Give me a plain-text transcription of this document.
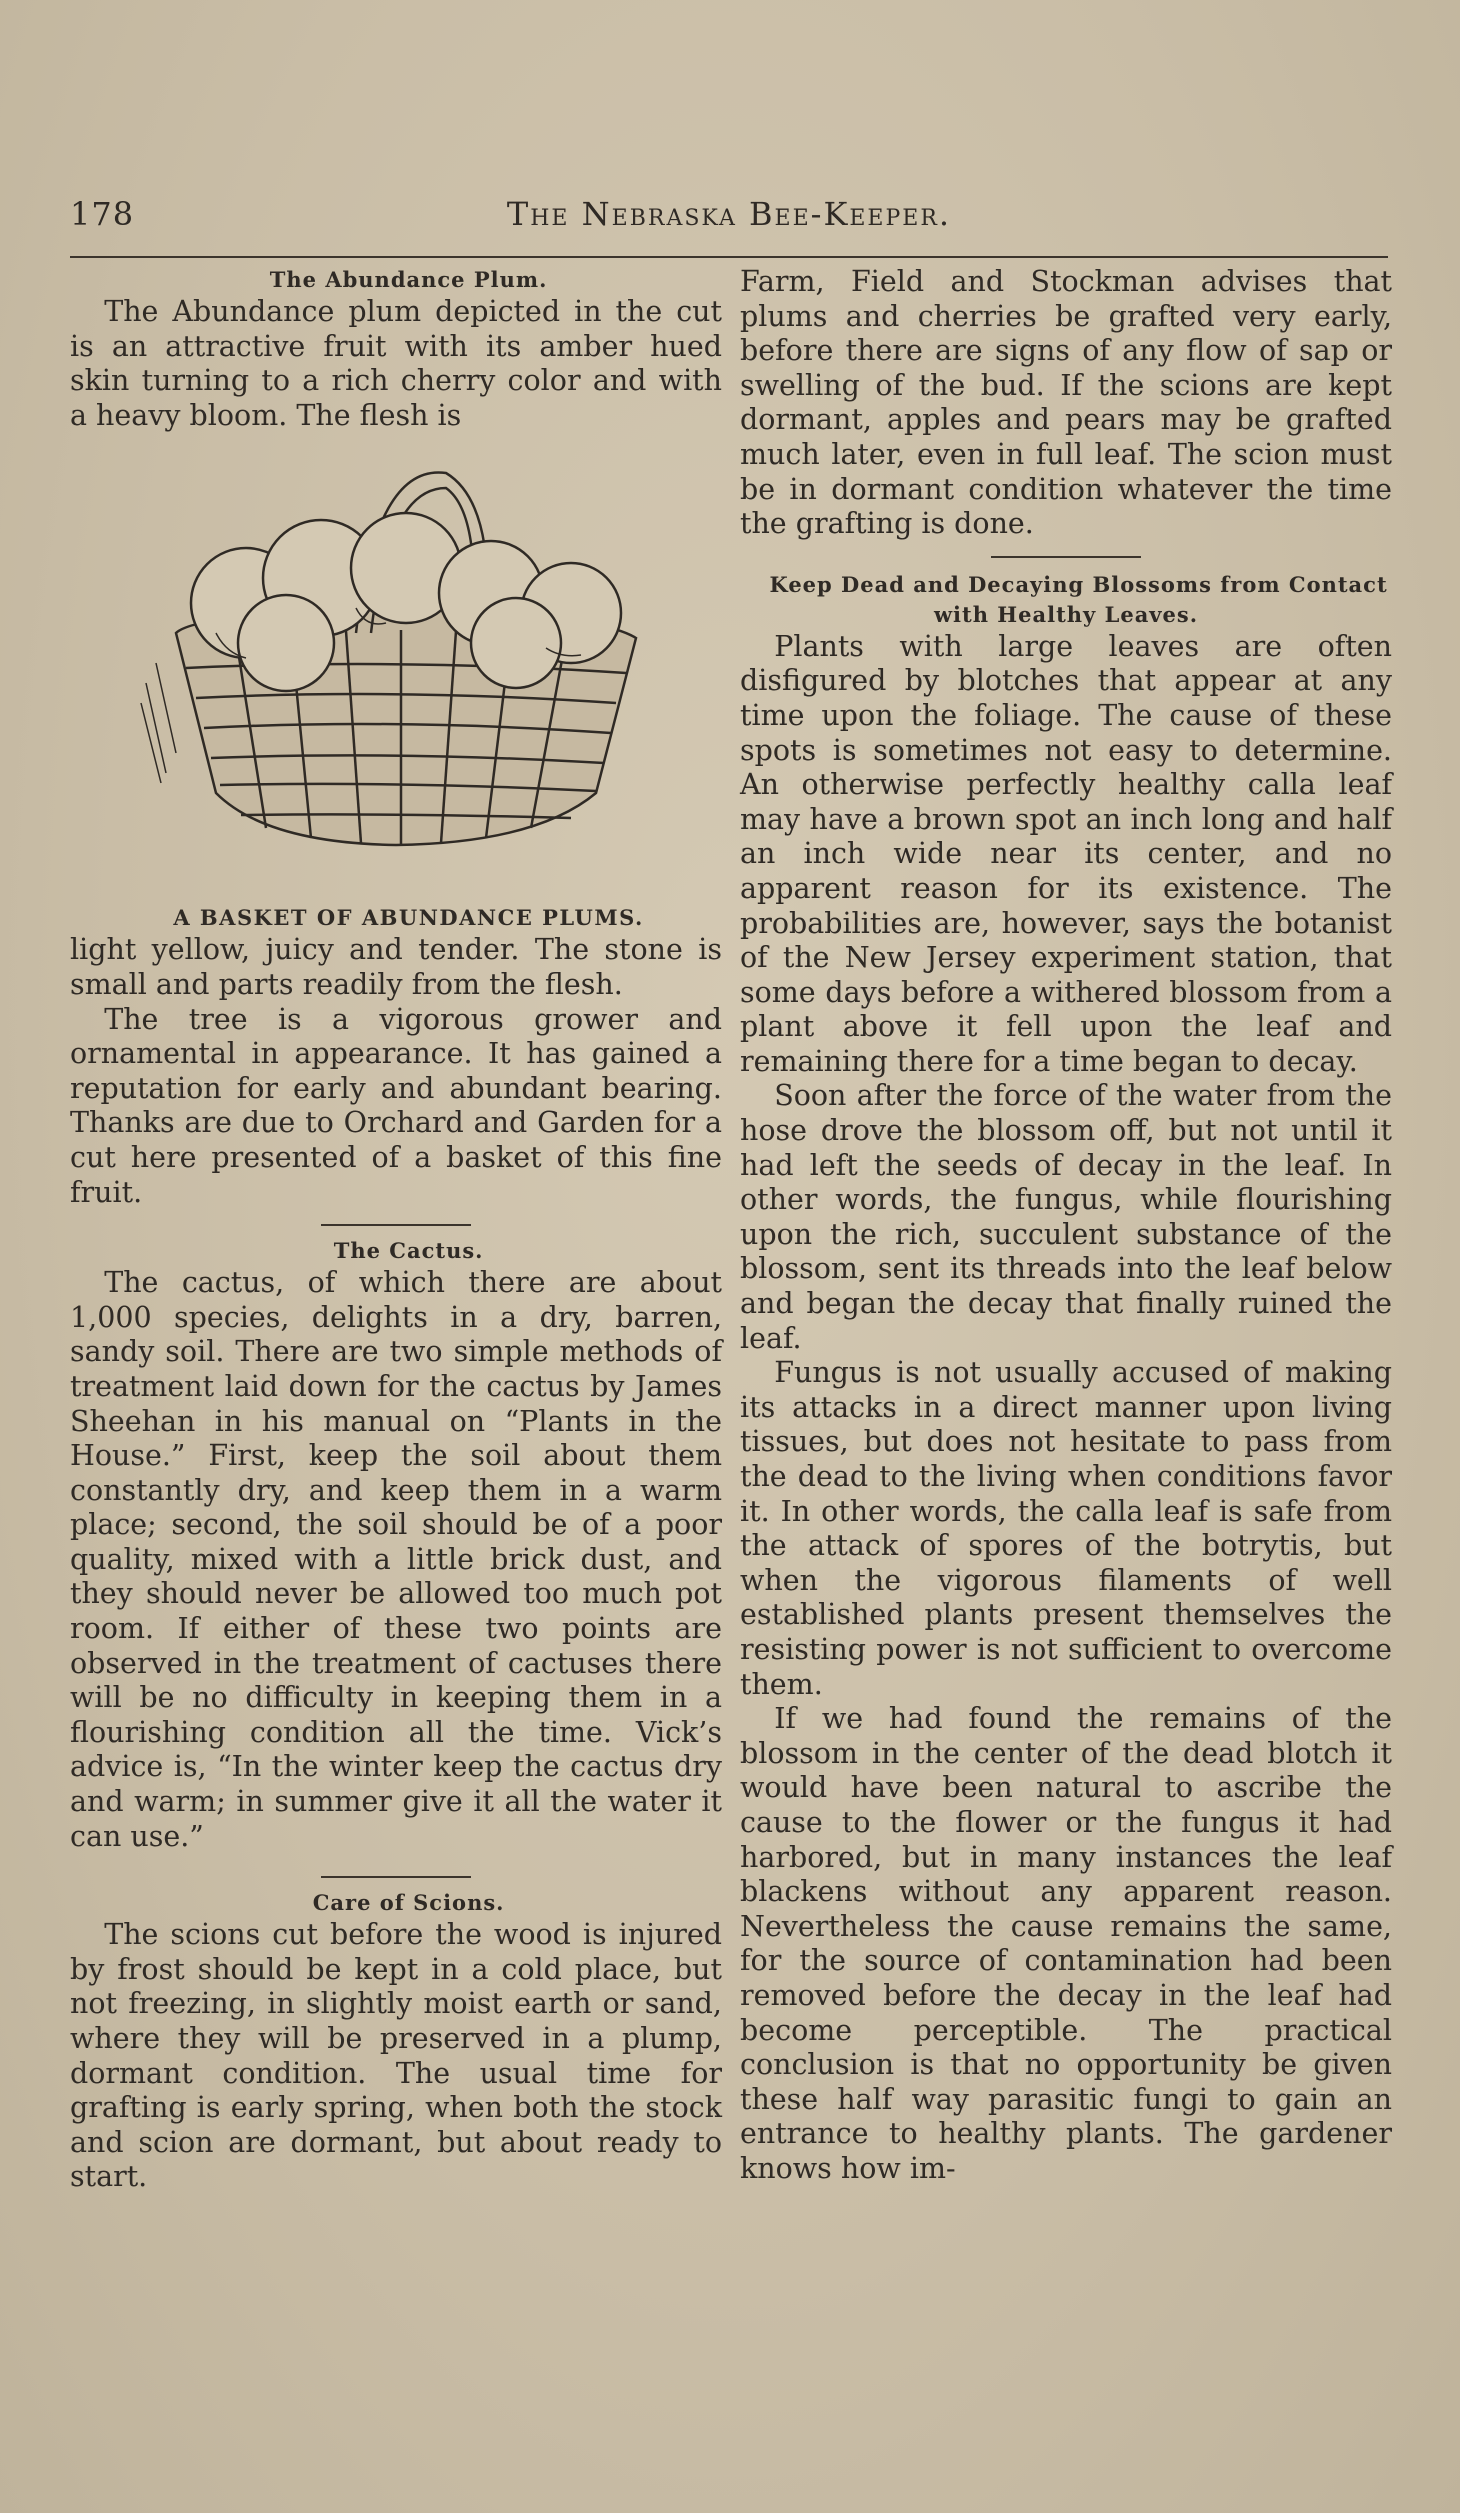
178	The Nebraska Bee-Keeper.

The Abundance Plum.

The Abundance plum depicted in the cut is an attractive fruit with its amber hued skin turning to a rich cherry color and with a heavy bloom. The flesh is

A BASKET OF ABUNDANCE PLUMS.

light yellow, juicy and tender. The stone is small and parts readily from the flesh.

The tree is a vigorous grower and ornamental in appearance. It has gained a reputation for early and abundant bearing. Thanks are due to Orchard and Garden for a cut here presented of a basket of this fine fruit.

The Cactus.

The cactus, of which there are about 1,000 species, delights in a dry, barren, sandy soil. There are two simple methods of treatment laid down for the cactus by James Sheehan in his manual on “Plants in the House.” First, keep the soil about them constantly dry, and keep them in a warm place; second, the soil should be of a poor quality, mixed with a little brick dust, and they should never be allowed too much pot room. If either of these two points are observed in the treatment of cactuses there will be no difficulty in keeping them in a flourishing condition all the time. Vick’s advice is, “In the winter keep the cactus dry and warm; in summer give it all the water it can use.”

Care of Scions.

The scions cut before the wood is injured by frost should be kept in a cold place, but not freezing, in slightly moist earth or sand, where they will be preserved in a plump, dormant condition. The usual time for grafting is early spring, when both the stock and scion are dormant, but about ready to start.

Farm, Field and Stockman advises that plums and cherries be grafted very early, before there are signs of any flow of sap or swelling of the bud. If the scions are kept dormant, apples and pears may be grafted much later, even in full leaf. The scion must be in dormant condition whatever the time the grafting is done.

Keep Dead and Decaying Blossoms from Contact with Healthy Leaves.

Plants with large leaves are often disfigured by blotches that appear at any time upon the foliage. The cause of these spots is sometimes not easy to determine. An otherwise perfectly healthy calla leaf may have a brown spot an inch long and half an inch wide near its center, and no apparent reason for its existence. The probabilities are, however, says the botanist of the New Jersey experiment station, that some days before a withered blossom from a plant above it fell upon the leaf and remaining there for a time began to decay.

Soon after the force of the water from the hose drove the blossom off, but not until it had left the seeds of decay in the leaf. In other words, the fungus, while flourishing upon the rich, succulent substance of the blossom, sent its threads into the leaf below and began the decay that finally ruined the leaf.

Fungus is not usually accused of making its attacks in a direct manner upon living tissues, but does not hesitate to pass from the dead to the living when conditions favor it. In other words, the calla leaf is safe from the attack of spores of the botrytis, but when the vigorous filaments of well established plants present themselves the resisting power is not sufficient to overcome them.

If we had found the remains of the blossom in the center of the dead blotch it would have been natural to ascribe the cause to the flower or the fungus it had harbored, but in many instances the leaf blackens without any apparent reason. Nevertheless the cause remains the same, for the source of contamination had been removed before the decay in the leaf had become perceptible. The practical conclusion is that no opportunity be given these half way parasitic fungi to gain an entrance to healthy plants. The gardener knows how im-
